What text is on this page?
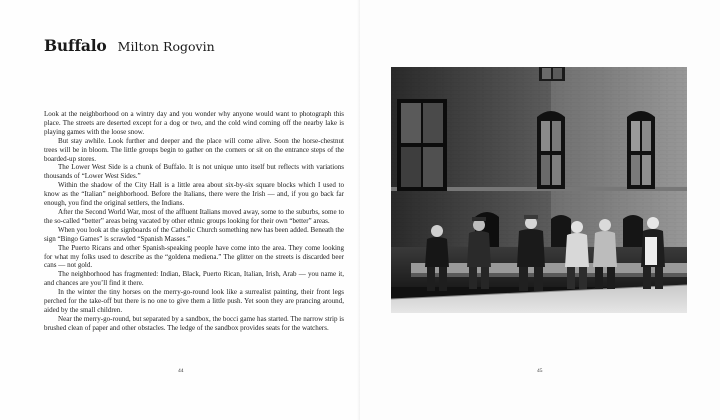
Buffalo Milton Rogovin

Look at the neighborhood on a wintry day and you wonder why anyone would want to photograph this place. The streets are deserted except for a dog or two, and the cold wind coming off the nearby lake is playing games with the loose snow.

But stay awhile. Look further and deeper and the place will come alive. Soon the horse-chestnut trees will be in bloom. The little groups begin to gather on the corners or sit on the entrance steps of the boarded-up stores.

The Lower West Side is a chunk of Buffalo. It is not unique unto itself but reflects with variations thousands of “Lower West Sides.”

Within the shadow of the City Hall is a little area about six-by-six square blocks which I used to know as the “Italian” neighborhood. Before the Italians, there were the Irish — and, if you go back far enough, you find the original settlers, the Indians.

After the Second World War, most of the affluent Italians moved away, some to the suburbs, some to the so-called “better” areas being vacated by other ethnic groups looking for their own “better” areas.

When you look at the signboards of the Catholic Church something new has been added. Beneath the sign “Bingo Games” is scrawled “Spanish Masses.”

The Puerto Ricans and other Spanish-speaking people have come into the area. They come looking for what my folks used to describe as the “goldena mediena.” The glitter on the streets is discarded beer cans — not gold.

The neighborhood has fragmented: Indian, Black, Puerto Rican, Italian, Irish, Arab — you name it, and chances are you’ll find it there.

In the winter the tiny horses on the merry-go-round look like a surrealist painting, their front legs perched for the take-off but there is no one to give them a little push. Yet soon they are prancing around, aided by the small children.

Near the merry-go-round, but separated by a sandbox, the bocci game has started. The narrow strip is brushed clean of paper and other obstacles. The ledge of the sandbox provides seats for the watchers.

44	45
